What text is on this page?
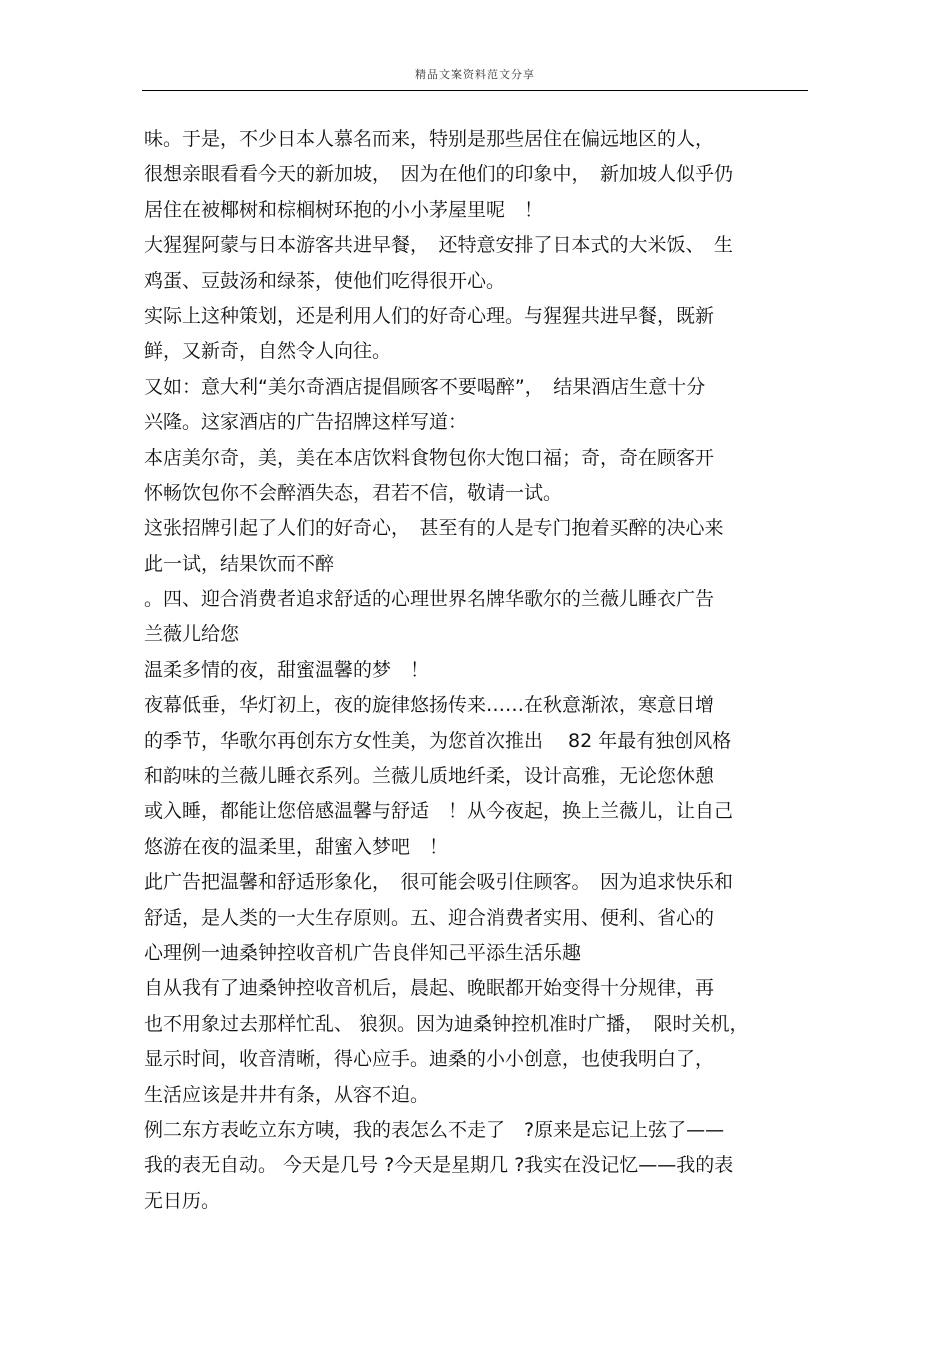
精品文案资料范文分享
味。于是，不少日本人慕名而来，特别是那些居住在偏远地区的人，
很想亲眼看看今天的新加坡，　因为在他们的印象中，　新加坡人似乎仍
居住在被椰树和棕榈树环抱的小小茅屋里呢　！
大猩猩阿蒙与日本游客共进早餐，　还特意安排了日本式的大米饭、　生
鸡蛋、豆鼓汤和绿茶，使他们吃得很开心。
实际上这种策划，还是利用人们的好奇心理。与猩猩共进早餐，既新
鲜，又新奇，自然令人向往。
又如：意大利“美尔奇酒店提倡顾客不要喝醉”，　结果酒店生意十分
兴隆。这家酒店的广告招牌这样写道：
本店美尔奇，美，美在本店饮料食物包你大饱口福；奇，奇在顾客开
怀畅饮包你不会醉酒失态，君若不信，敬请一试。
这张招牌引起了人们的好奇心，　甚至有的人是专门抱着买醉的决心来
此一试，结果饮而不醉
。四、迎合消费者追求舒适的心理世界名牌华歌尔的兰薇儿睡衣广告
兰薇儿给您
温柔多情的夜，甜蜜温馨的梦　！
夜幕低垂，华灯初上，夜的旋律悠扬传来……在秋意渐浓，寒意日增
的季节，华歌尔再创东方女性美，为您首次推出　 82 年最有独创风格
和韵味的兰薇儿睡衣系列。兰薇儿质地纤柔，设计高雅，无论您休憩
或入睡，都能让您倍感温馨与舒适　！从今夜起，换上兰薇儿，让自己
悠游在夜的温柔里，甜蜜入梦吧　！
此广告把温馨和舒适形象化，　很可能会吸引住顾客。　因为追求快乐和
舒适，是人类的一大生存原则。五、迎合消费者实用、便利、省心的
心理例一迪桑钟控收音机广告良伴知己平添生活乐趣
自从我有了迪桑钟控收音机后，晨起、晚眠都开始变得十分规律，再
也不用象过去那样忙乱、 狼狈。因为迪桑钟控机准时广播，　限时关机，
显示时间，收音清晰，得心应手。迪桑的小小创意，也使我明白了，
生活应该是井井有条，从容不迫。
例二东方表屹立东方咦，我的表怎么不走了　?原来是忘记上弦了——
我的表无自动。 今天是几号 ?今天是星期几 ?我实在没记忆——我的表
无日历。
